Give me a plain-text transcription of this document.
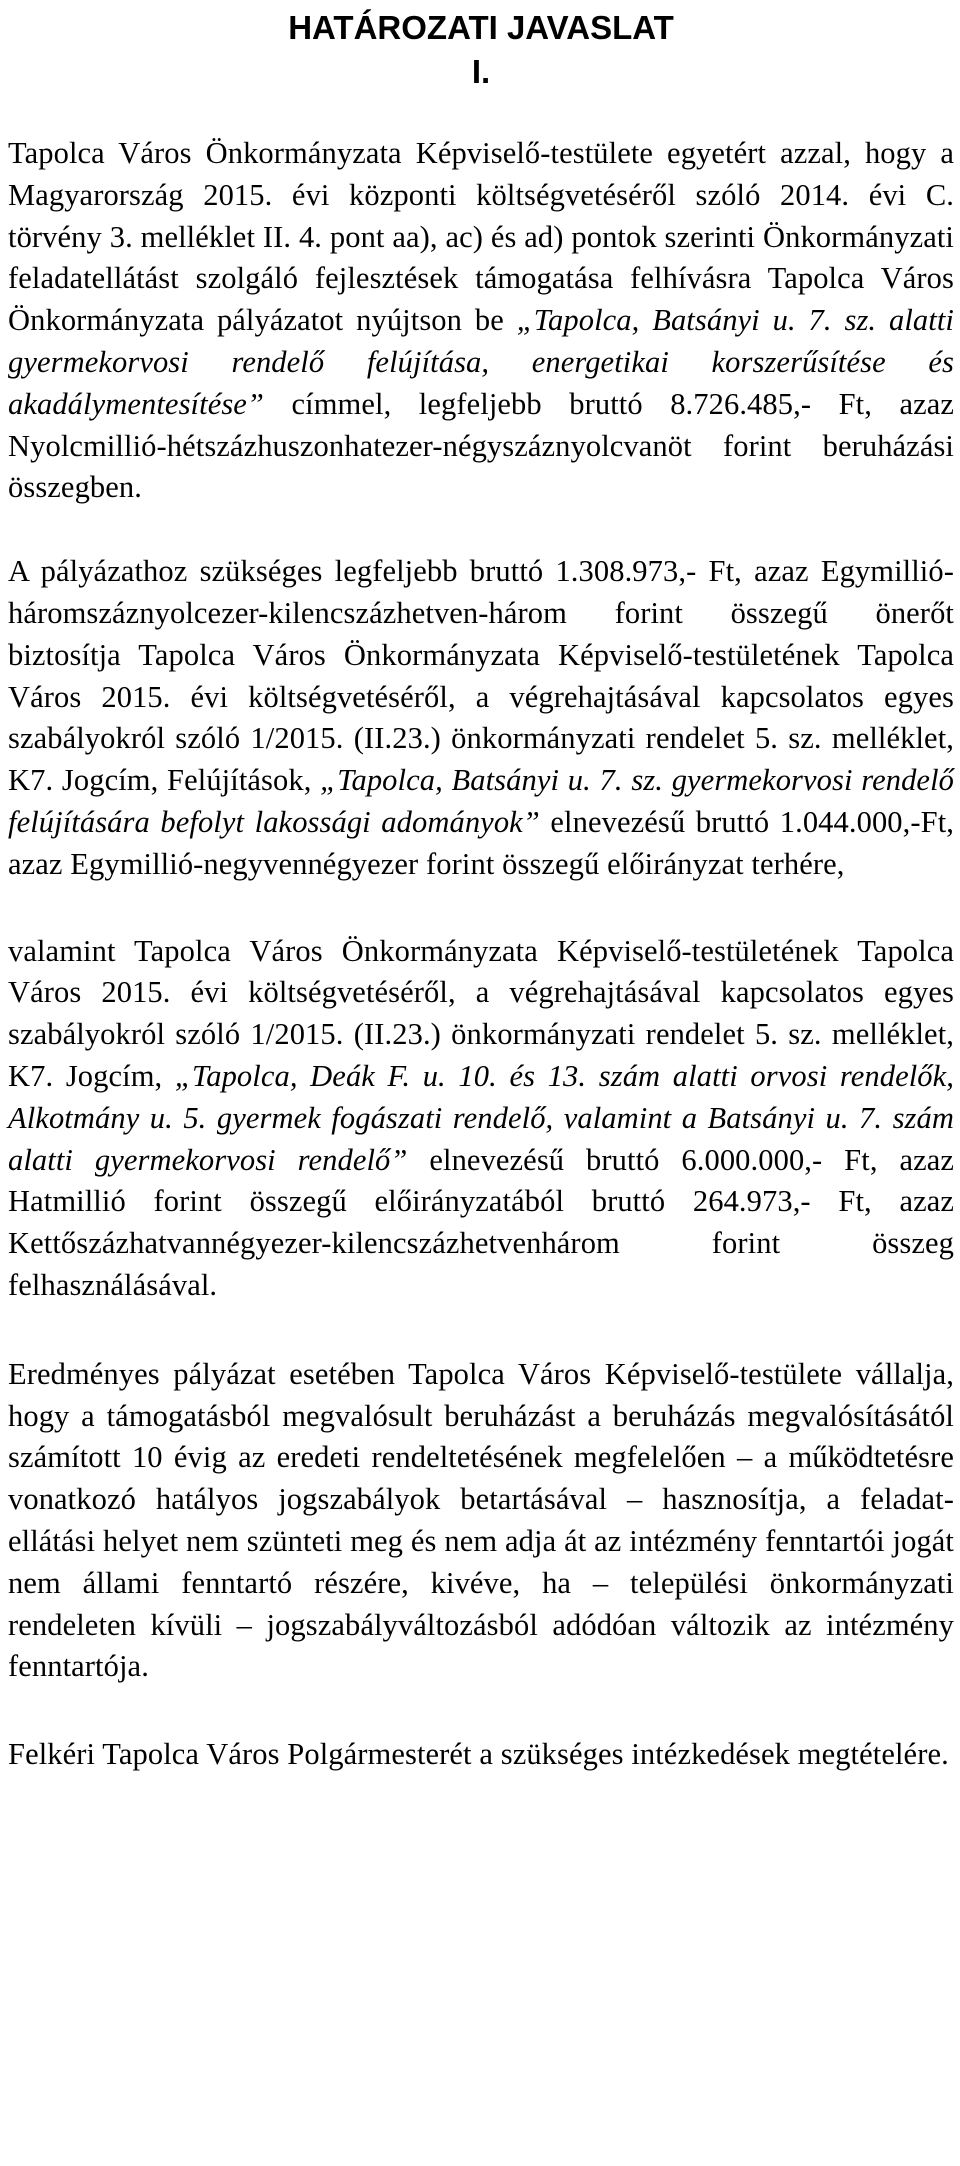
HATÁROZATI JAVASLAT
I.

Tapolca Város Önkormányzata Képviselő-testülete egyetért azzal, hogy a Magyarország 2015. évi központi költségvetéséről szóló 2014. évi C. törvény 3. melléklet II. 4. pont aa), ac) és ad) pontok szerinti Önkormányzati feladatellátást szolgáló fejlesztések támogatása felhívásra Tapolca Város Önkormányzata pályázatot nyújtson be „Tapolca, Batsányi u. 7. sz. alatti gyermekorvosi rendelő felújítása, energetikai korszerűsítése és akadálymentesítése” címmel, legfeljebb bruttó 8.726.485,- Ft, azaz Nyolcmillió-hétszázhuszonhatezer-négyszáznyolcvanöt forint beruházási összegben.

A pályázathoz szükséges legfeljebb bruttó 1.308.973,- Ft, azaz Egymillió-háromszáznyolcezer-kilencszázhetven-három forint összegű önerőt biztosítja Tapolca Város Önkormányzata Képviselő-testületének Tapolca Város 2015. évi költségvetéséről, a végrehajtásával kapcsolatos egyes szabályokról szóló 1/2015. (II.23.) önkormányzati rendelet 5. sz. melléklet, K7. Jogcím, Felújítások, „Tapolca, Batsányi u. 7. sz. gyermekorvosi rendelő felújítására befolyt lakossági adományok” elnevezésű bruttó 1.044.000,-Ft, azaz Egymillió-negyvennégyezer forint összegű előirányzat terhére,

valamint Tapolca Város Önkormányzata Képviselő-testületének Tapolca Város 2015. évi költségvetéséről, a végrehajtásával kapcsolatos egyes szabályokról szóló 1/2015. (II.23.) önkormányzati rendelet 5. sz. melléklet, K7. Jogcím, „Tapolca, Deák F. u. 10. és 13. szám alatti orvosi rendelők, Alkotmány u. 5. gyermek fogászati rendelő, valamint a Batsányi u. 7. szám alatti gyermekorvosi rendelő” elnevezésű bruttó 6.000.000,- Ft, azaz Hatmillió forint összegű előirányzatából bruttó 264.973,- Ft, azaz Kettőszázhatvannégyezer-kilencszázhetvenhárom forint összeg felhasználásával.

Eredményes pályázat esetében Tapolca Város Képviselő-testülete vállalja, hogy a támogatásból megvalósult beruházást a beruházás megvalósításától számított 10 évig az eredeti rendeltetésének megfelelően – a működtetésre vonatkozó hatályos jogszabályok betartásával – hasznosítja, a feladat-ellátási helyet nem szünteti meg és nem adja át az intézmény fenntartói jogát nem állami fenntartó részére, kivéve, ha – települési önkormányzati rendeleten kívüli – jogszabályváltozásból adódóan változik az intézmény fenntartója.

Felkéri Tapolca Város Polgármesterét a szükséges intézkedések megtételére.
